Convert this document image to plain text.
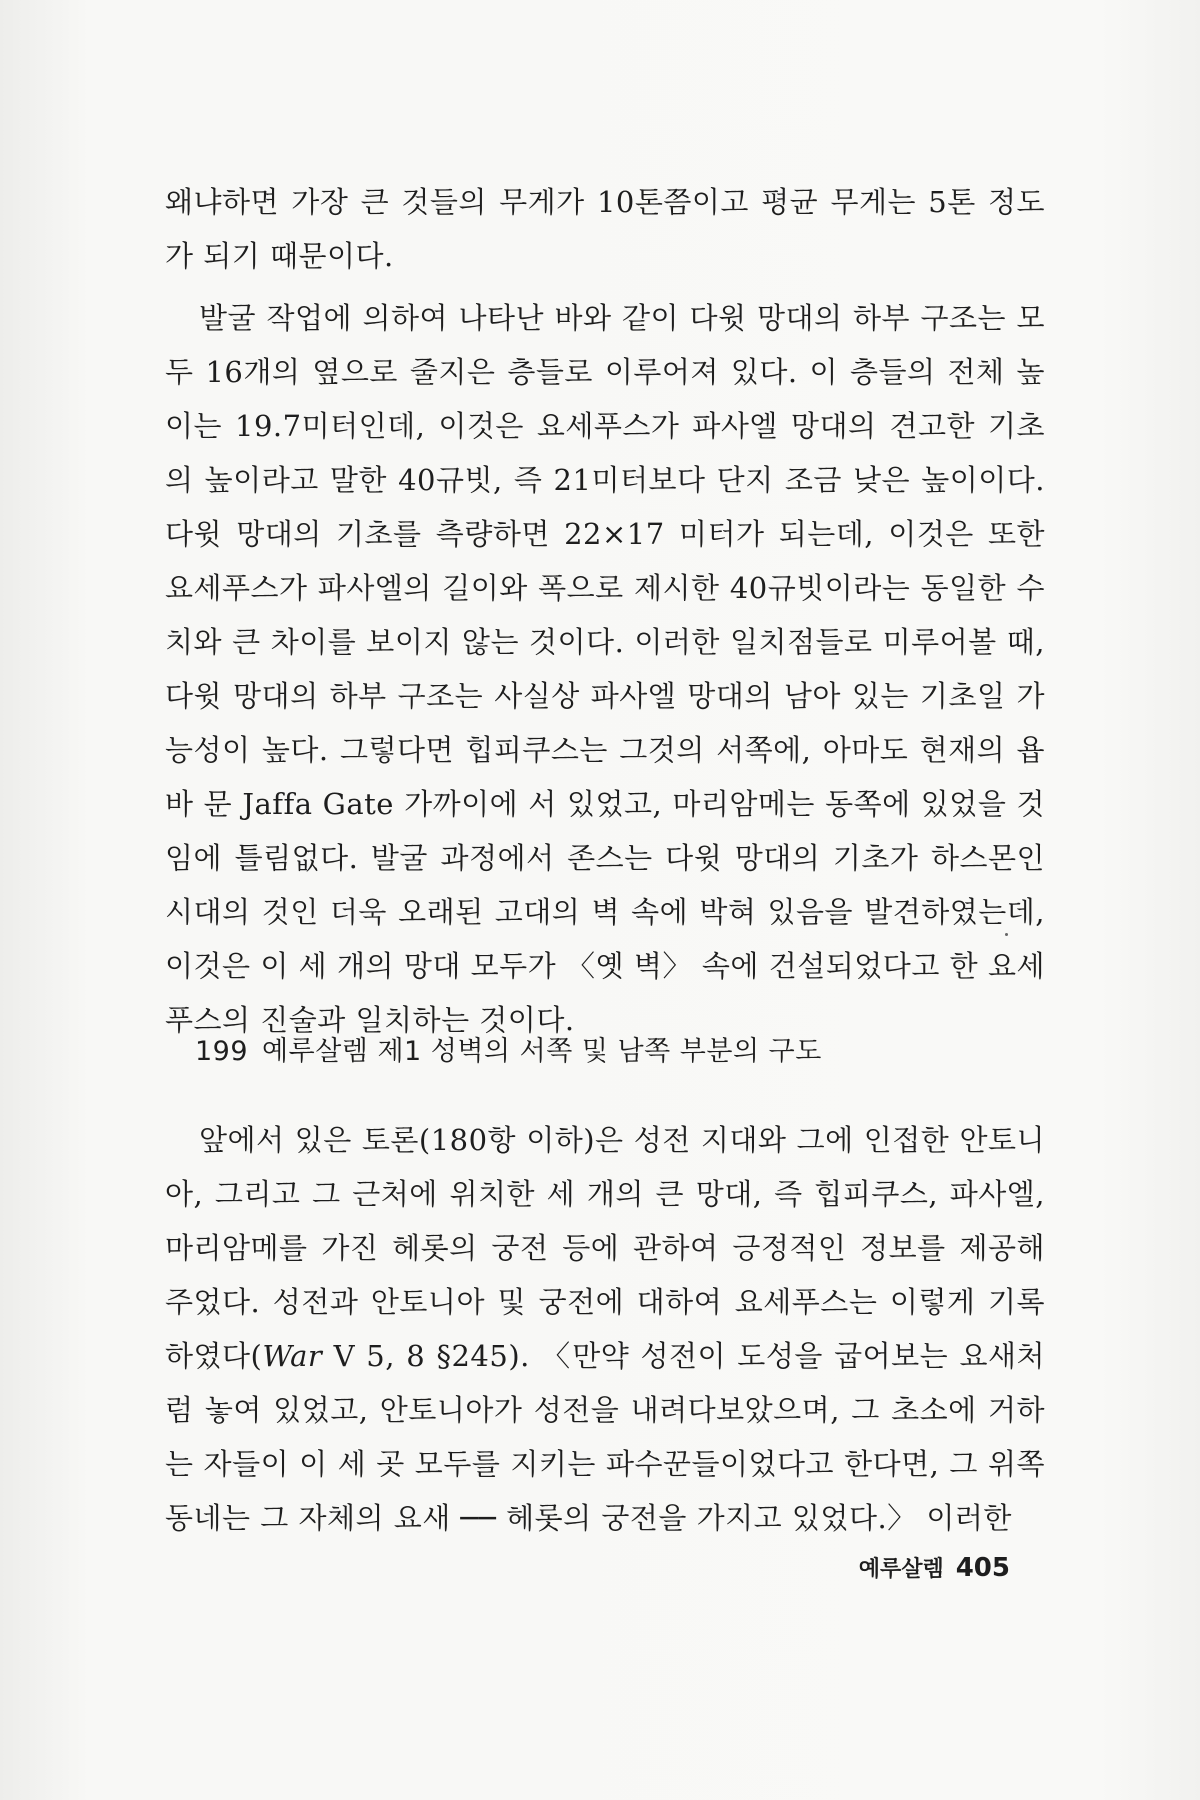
왜냐하면 가장 큰 것들의 무게가 10톤쯤이고 평균 무게는 5톤 정도가 되기 때문이다.

발굴 작업에 의하여 나타난 바와 같이 다윗 망대의 하부 구조는 모두 16개의 옆으로 줄지은 층들로 이루어져 있다. 이 층들의 전체 높이는 19.7미터인데, 이것은 요세푸스가 파사엘 망대의 견고한 기초의 높이라고 말한 40규빗, 즉 21미터보다 단지 조금 낮은 높이이다. 다윗 망대의 기초를 측량하면 22×17 미터가 되는데, 이것은 또한 요세푸스가 파사엘의 길이와 폭으로 제시한 40규빗이라는 동일한 수치와 큰 차이를 보이지 않는 것이다. 이러한 일치점들로 미루어볼 때, 다윗 망대의 하부 구조는 사실상 파사엘 망대의 남아 있는 기초일 가능성이 높다. 그렇다면 힙피쿠스는 그것의 서쪽에, 아마도 현재의 욥바 문 Jaffa Gate 가까이에 서 있었고, 마리암메는 동쪽에 있었을 것임에 틀림없다. 발굴 과정에서 존스는 다윗 망대의 기초가 하스몬인 시대의 것인 더욱 오래된 고대의 벽 속에 박혀 있음을 발견하였는데, 이것은 이 세 개의 망대 모두가 〈옛 벽〉 속에 건설되었다고 한 요세푸스의 진술과 일치하는 것이다.

199 예루살렘 제1 성벽의 서쪽 및 남쪽 부분의 구도

앞에서 있은 토론(180항 이하)은 성전 지대와 그에 인접한 안토니아, 그리고 그 근처에 위치한 세 개의 큰 망대, 즉 힙피쿠스, 파사엘, 마리암메를 가진 헤롯의 궁전 등에 관하여 긍정적인 정보를 제공해 주었다. 성전과 안토니아 및 궁전에 대하여 요세푸스는 이렇게 기록하였다(War V 5, 8 §245). 〈만약 성전이 도성을 굽어보는 요새처럼 놓여 있었고, 안토니아가 성전을 내려다보았으며, 그 초소에 거하는 자들이 이 세 곳 모두를 지키는 파수꾼들이었다고 한다면, 그 위쪽 동네는 그 자체의 요새 ── 헤롯의 궁전을 가지고 있었다.〉 이러한

예루살렘 405
